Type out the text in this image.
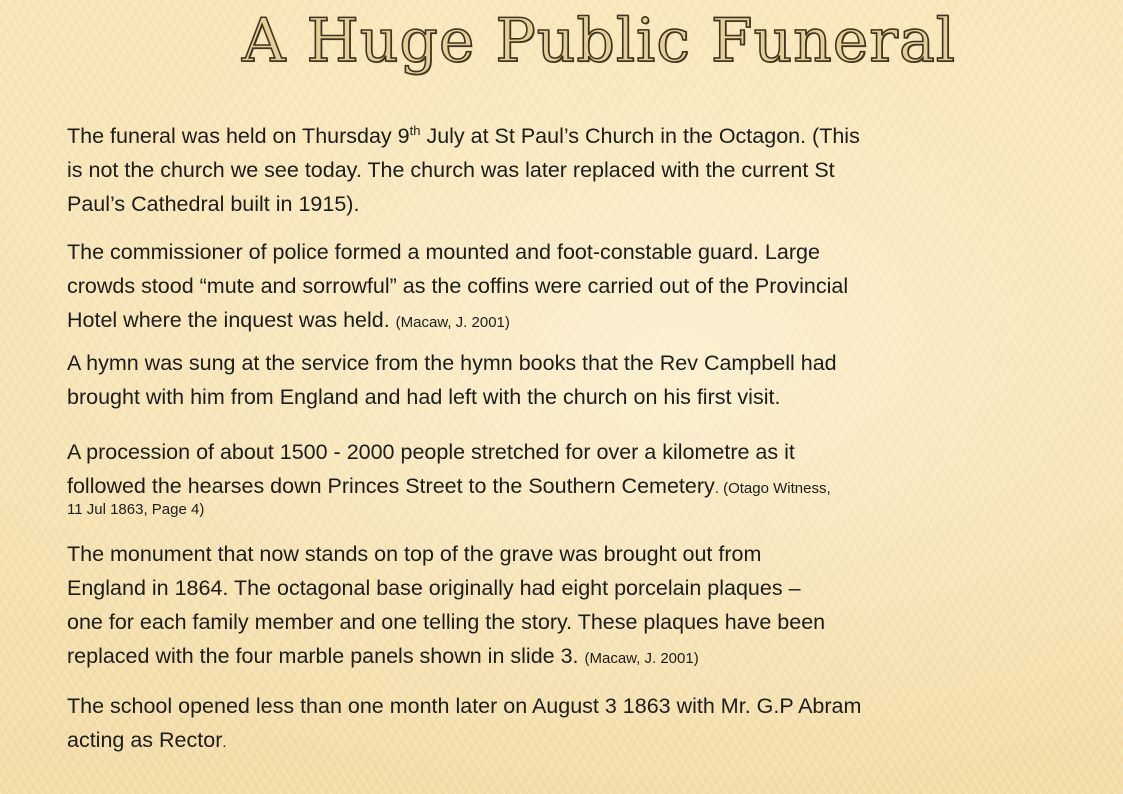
A Huge Public Funeral

The funeral was held on Thursday 9th July at St Paul’s Church in the Octagon. (This
is not the church we see today. The church was later replaced with the current St
Paul’s Cathedral built in 1915).

The commissioner of police formed a mounted and foot-constable guard. Large
crowds stood “mute and sorrowful” as the coffins were carried out of the Provincial
Hotel where the inquest was held. (Macaw, J. 2001)

A hymn was sung at the service from the hymn books that the Rev Campbell had
brought with him from England and had left with the church on his first visit.

A procession of about 1500 - 2000 people stretched for over a kilometre as it
followed the hearses down Princes Street to the Southern Cemetery. (Otago Witness,
11 Jul 1863, Page 4)

The monument that now stands on top of the grave was brought out from
England in 1864. The octagonal base originally had eight porcelain plaques –
one for each family member and one telling the story. These plaques have been
replaced with the four marble panels shown in slide 3. (Macaw, J. 2001)

The school opened less than one month later on August 3 1863 with Mr. G.P Abram
acting as Rector.
